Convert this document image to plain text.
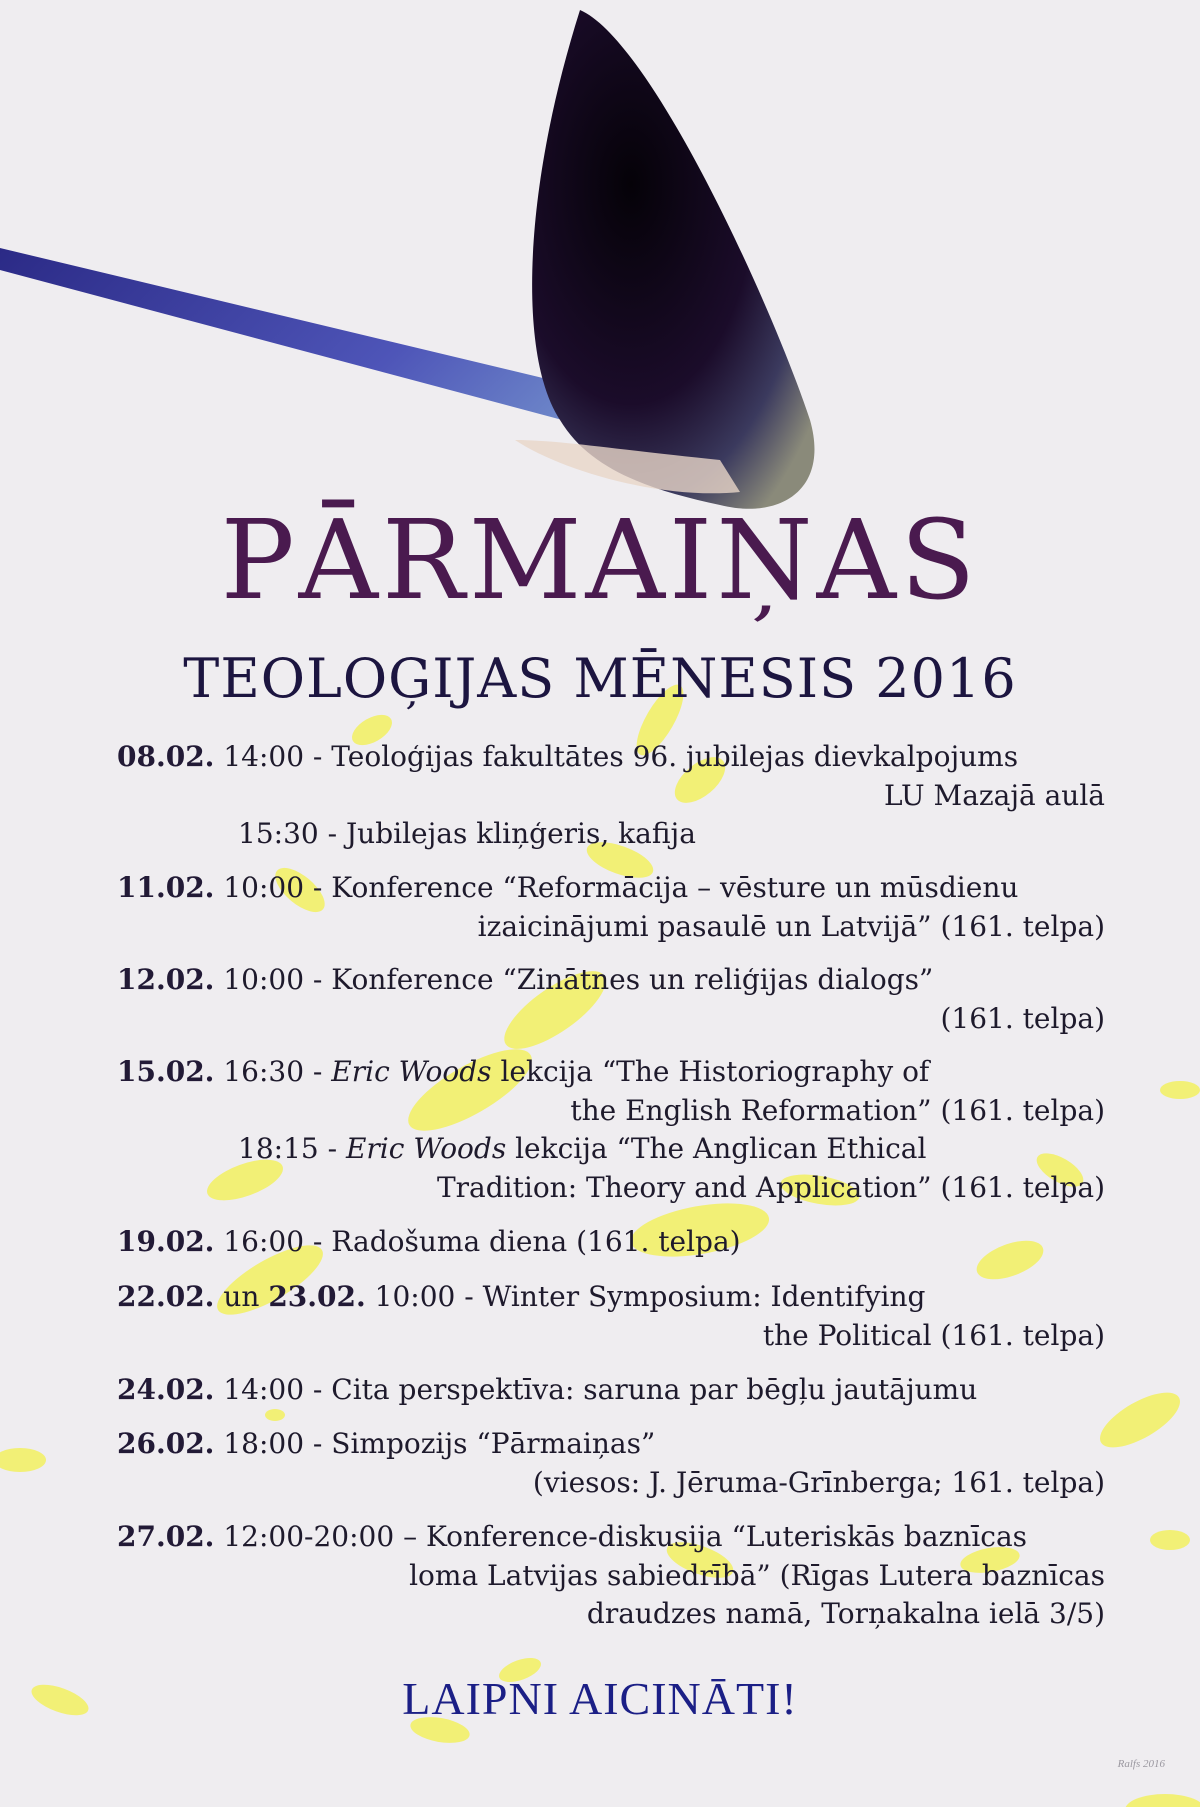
PĀRMAIŅAS
TEOLOĢIJAS MĒNESIS 2016
08.02. 14:00 - Teoloģijas fakultātes 96. jubilejas dievkalpojums
LU Mazajā aulā
15:30 - Jubilejas kliņģeris, kafija
11.02. 10:00 - Konference “Reformācija – vēsture un mūsdienu
izaicinājumi pasaulē un Latvijā” (161. telpa)
12.02. 10:00 - Konference “Zinātnes un reliģijas dialogs”
(161. telpa)
15.02. 16:30 - Eric Woods lekcija “The Historiography of
the English Reformation” (161. telpa)
18:15 - Eric Woods lekcija “The Anglican Ethical
Tradition: Theory and Application” (161. telpa)
19.02. 16:00 - Radošuma diena (161. telpa)
22.02. un 23.02. 10:00 - Winter Symposium: Identifying
the Political (161. telpa)
24.02. 14:00 - Cita perspektīva: saruna par bēgļu jautājumu
26.02. 18:00 - Simpozijs “Pārmaiņas”
(viesos: J. Jēruma-Grīnberga; 161. telpa)
27.02. 12:00-20:00 – Konference-diskusija “Luteriskās baznīcas
loma Latvijas sabiedrībā” (Rīgas Lutera baznīcas
draudzes namā, Torņakalna ielā 3/5)
LAIPNI AICINĀTI!
Ralfs 2016
